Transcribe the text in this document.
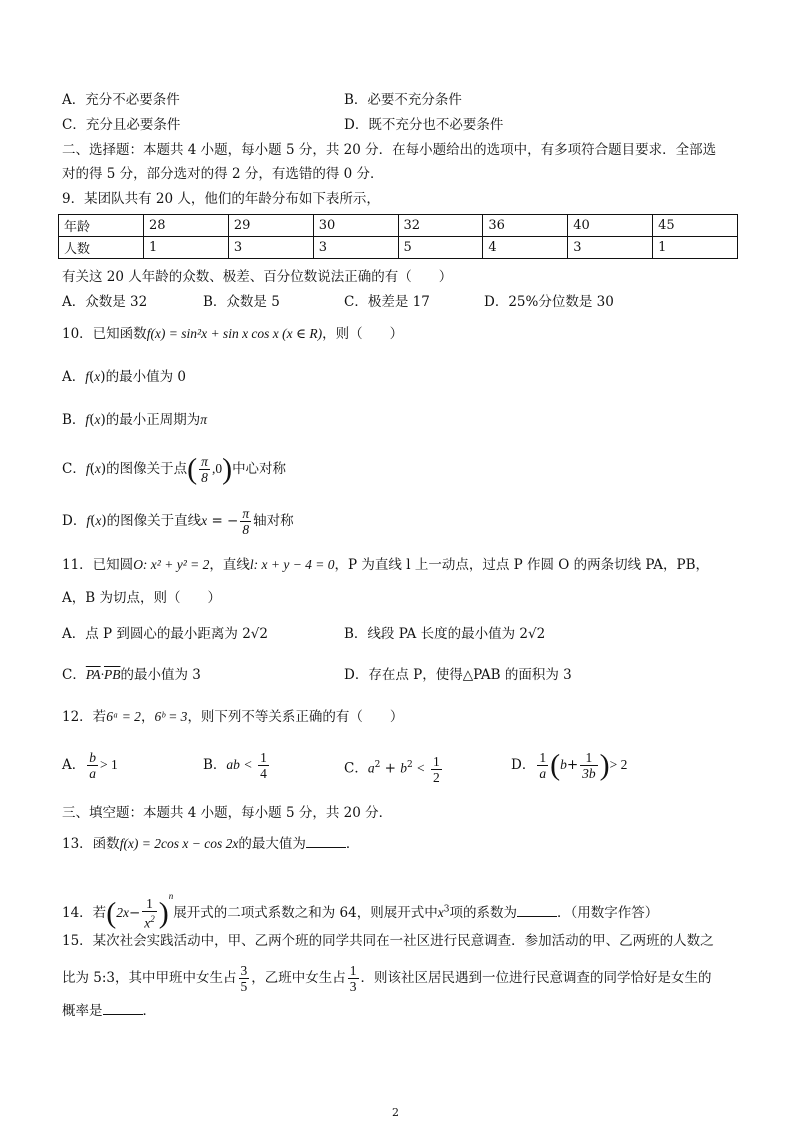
A．充分不必要条件	B．必要不充分条件
C．充分且必要条件	D．既不充分也不必要条件
二、选择题：本题共 4 小题，每小题 5 分，共 20 分．在每小题给出的选项中，有多项符合题目要求．全部选
对的得 5 分，部分选对的得 2 分，有选错的得 0 分．
9．某团队共有 20 人，他们的年龄分布如下表所示，
年龄	28	29	30	32	36	40	45
人数	1	3	3	5	4	3	1
有关这 20 人年龄的众数、极差、百分位数说法正确的有（　　）
A．众数是 32	B．众数是 5	C．极差是 17	D．25%分位数是 30
10．已知函数f(x) = sin²x + sin x cos x (x ∈ R)，则（　　）
A．f(x)的最小值为 0
B．f(x)的最小正周期为π
C．f(x)的图像关于点( $\frac{\pi}{8} ,0$)中心对称
D．f(x)的图像关于直线x = − $\frac{\pi}{8}$ 轴对称
11．已知圆O: x² + y² = 2，直线l: x + y − 4 = 0，P 为直线 l 上一动点，过点 P 作圆 O 的两条切线 PA，PB，
A，B 为切点，则（　　）
A．点 P 到圆心的最小距离为 2√2	B．线段 PA 长度的最小值为 2√2
C．$\overline{PA}\cdot\overline{PB}$的最小值为 3	D．存在点 P，使得△PAB 的面积为 3
12．若6ᵃ = 2，6ᵇ = 3，则下列不等关系正确的有（　　）
A． $\frac{b}{a} > 1$	B．ab < $\frac{1}{4}$	C．$a^2 + b^2 < \frac{1}{2}$	D． $\frac{1}{a} (b+ \frac{1}{3b}$ )> 2
三、填空题：本题共 4 小题，每小题 5 分，共 20 分．
13．函数f(x) = 2cos x − cos 2x的最大值为	．
14．若$(2x- \frac{1}{x^2} )^n$展开式的二项式系数之和为 64，则展开式中$x^3$项的系数为	．（用数字作答）
15．某次社会实践活动中，甲、乙两个班的同学共同在一社区进行民意调查．参加活动的甲、乙两班的人数之
比为 5:3，其中甲班中女生占 $\frac{3}{5}$ ，乙班中女生占 $\frac{1}{3}$ ．则该社区居民遇到一位进行民意调查的同学恰好是女生的
概率是	．
2
